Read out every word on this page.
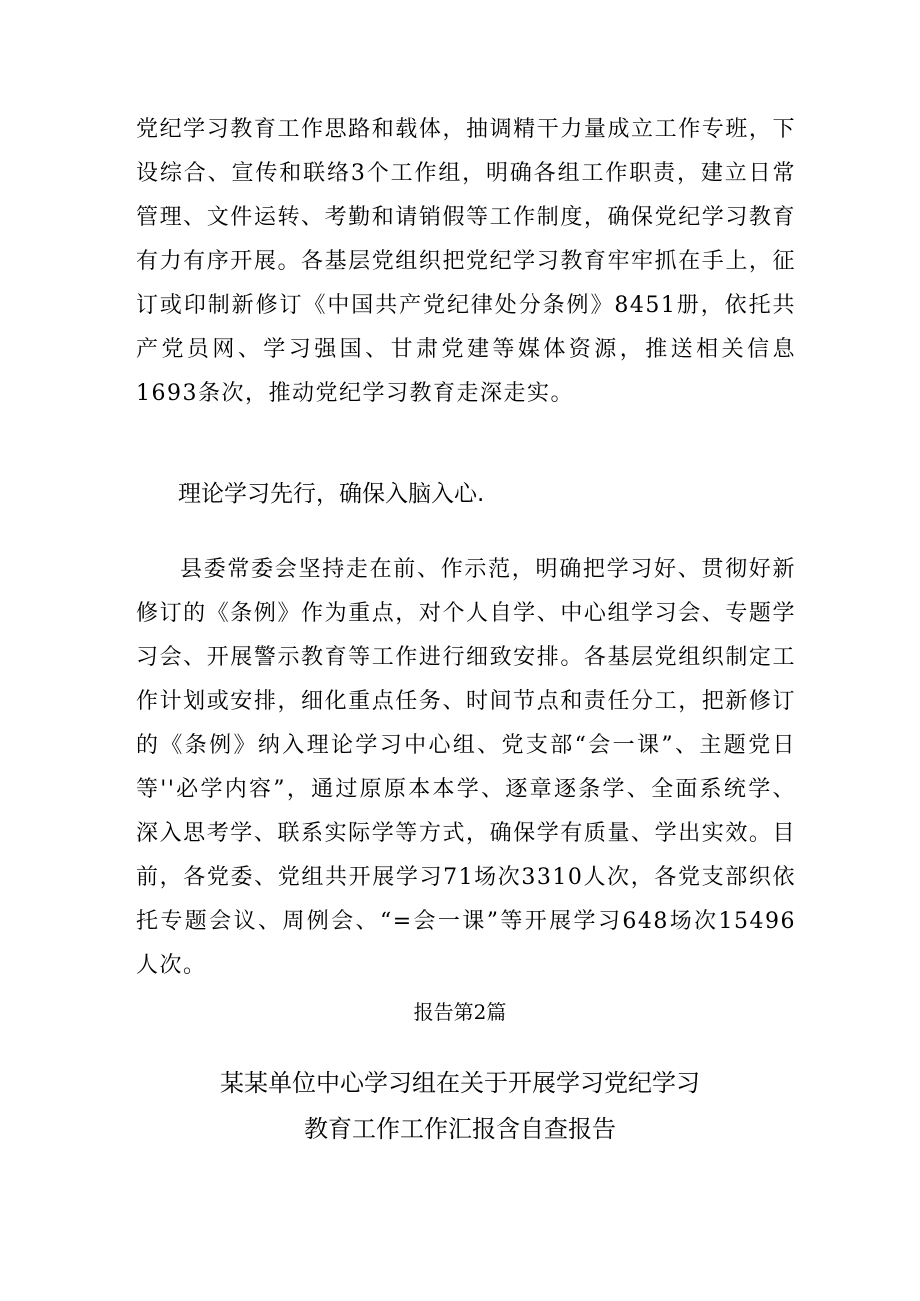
党纪学习教育工作思路和载体，抽调精干力量成立工作专班，下设综合、宣传和联络3个工作组，明确各组工作职责，建立日常管理、文件运转、考勤和请销假等工作制度，确保党纪学习教育有力有序开展。各基层党组织把党纪学习教育牢牢抓在手上，征订或印制新修订《中国共产党纪律处分条例》8451册，依托共产党员网、学习强国、甘肃党建等媒体资源，推送相关信息1693条次，推动党纪学习教育走深走实。

理论学习先行，确保入脑入心.

县委常委会坚持走在前、作示范，明确把学习好、贯彻好新修订的《条例》作为重点，对个人自学、中心组学习会、专题学习会、开展警示教育等工作进行细致安排。各基层党组织制定工作计划或安排，细化重点任务、时间节点和责任分工，把新修订的《条例》纳入理论学习中心组、党支部“会一课”、主题党日等''必学内容”，通过原原本本学、逐章逐条学、全面系统学、深入思考学、联系实际学等方式，确保学有质量、学出实效。目前，各党委、党组共开展学习71场次3310人次，各党支部织依托专题会议、周例会、“=会一课”等开展学习648场次15496人次。

报告第2篇

某某单位中心学习组在关于开展学习党纪学习
教育工作工作汇报含自查报告
